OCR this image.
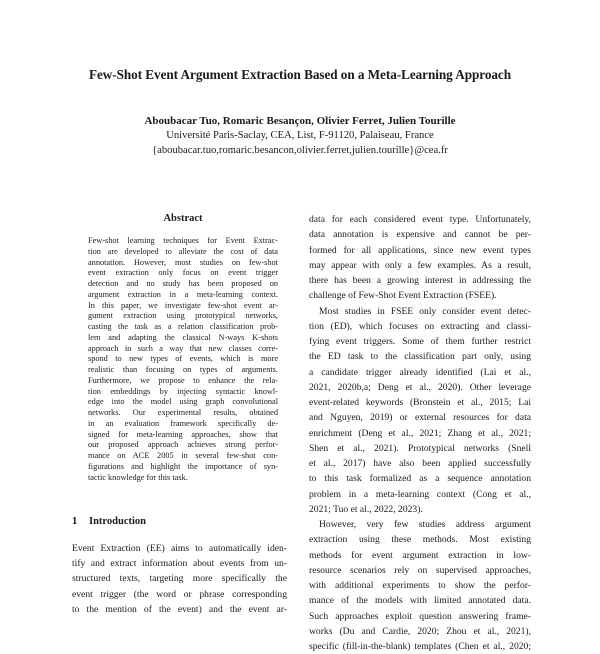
Few-Shot Event Argument Extraction Based on a Meta-Learning Approach
Aboubacar Tuo, Romaric Besançon, Olivier Ferret, Julien Tourille
Université Paris-Saclay, CEA, List, F-91120, Palaiseau, France
{aboubacar.tuo,romaric.besancon,olivier.ferret,julien.tourille}@cea.fr
Abstract
Few-shot learning techniques for Event Extrac-
tion are developed to alleviate the cost of data
annotation. However, most studies on few-shot
event extraction only focus on event trigger
detection and no study has been proposed on
argument extraction in a meta-learning context.
In this paper, we investigate few-shot event ar-
gument extraction using prototypical networks,
casting the task as a relation classification prob-
lem and adapting the classical N-ways K-shots
approach in such a way that new classes corre-
spond to new types of events, which is more
realistic than focusing on types of arguments.
Furthermore, we propose to enhance the rela-
tion embeddings by injecting syntactic knowl-
edge into the model using graph convolutional
networks. Our experimental results, obtained
in an evaluation framework specifically de-
signed for meta-learning approaches, show that
our proposed approach achieves strong perfor-
mance on ACE 2005 in several few-shot con-
figurations and highlight the importance of syn-
tactic knowledge for this task.
1 Introduction
Event Extraction (EE) aims to automatically iden-
tify and extract information about events from un-
structured texts, targeting more specifically the
event trigger (the word or phrase corresponding
to the mention of the event) and the event ar-
data for each considered event type. Unfortunately,
data annotation is expensive and cannot be per-
formed for all applications, since new event types
may appear with only a few examples. As a result,
there has been a growing interest in addressing the
challenge of Few-Shot Event Extraction (FSEE).
Most studies in FSEE only consider event detec-
tion (ED), which focuses on extracting and classi-
fying event triggers. Some of them further restrict
the ED task to the classification part only, using
a candidate trigger already identified (Lai et al.,
2021, 2020b,a; Deng et al., 2020). Other leverage
event-related keywords (Bronstein et al., 2015; Lai
and Nguyen, 2019) or external resources for data
enrichment (Deng et al., 2021; Zhang et al., 2021;
Shen et al., 2021). Prototypical networks (Snell
et al., 2017) have also been applied successfully
to this task formalized as a sequence annotation
problem in a meta-learning context (Cong et al.,
2021; Tuo et al., 2022, 2023).
However, very few studies address argument
extraction using these methods. Most existing
methods for event argument extraction in low-
resource scenarios rely on supervised approaches,
with additional experiments to show the perfor-
mance of the models with limited annotated data.
Such approaches exploit question answering frame-
works (Du and Cardie, 2020; Zhou et al., 2021),
specific (fill-in-the-blank) templates (Chen et al., 2020;
